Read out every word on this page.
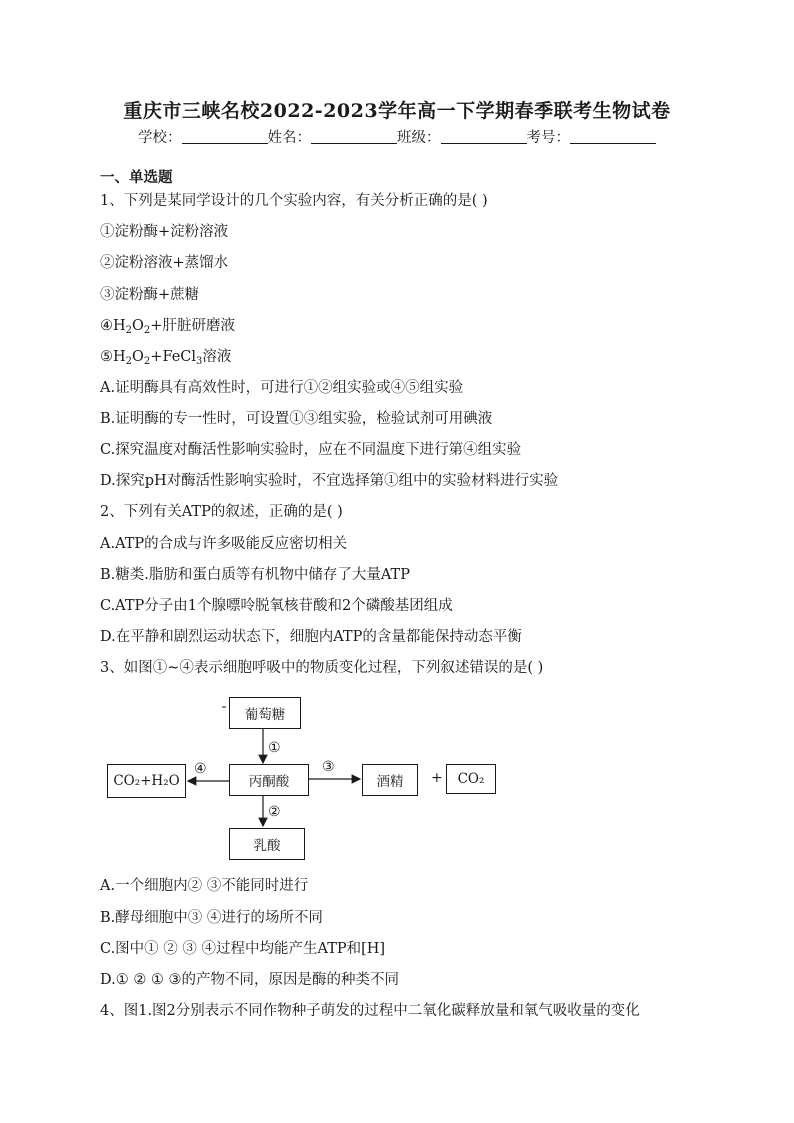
重庆市三峡名校2022-2023学年高一下学期春季联考生物试卷
学校：	姓名：	班级：	考号：
一、单选题
1、下列是某同学设计的几个实验内容，有关分析正确的是( )
①淀粉酶+淀粉溶液
②淀粉溶液+蒸馏水
③淀粉酶+蔗糖
$④H_2O_2+$肝脏研磨液
$⑤H_2O_2+FeCl_3$溶液
A.证明酶具有高效性时，可进行①②组实验或④⑤组实验
B.证明酶的专一性时，可设置①③组实验，检验试剂可用碘液
C.探究温度对酶活性影响实验时，应在不同温度下进行第④组实验
D.探究pH对酶活性影响实验时，不宜选择第①组中的实验材料进行实验
2、下列有关ATP的叙述，正确的是( )
A.ATP的合成与许多吸能反应密切相关
B.糖类.脂肪和蛋白质等有机物中储存了大量ATP
C.ATP分子由1个腺嘌呤脱氧核苷酸和2个磷酸基团组成
D.在平静和剧烈运动状态下，细胞内ATP的含量都能保持动态平衡
3、如图①~④表示细胞呼吸中的物质变化过程，下列叙述错误的是( )
葡萄糖
丙酮酸
乳酸
酒精	CO₂
CO₂+H₂O	+
①
②
③
④
A.一个细胞内② ③不能同时进行
B.酵母细胞中③ ④进行的场所不同
C.图中① ② ③ ④过程中均能产生ATP和[H]
D.① ② ① ③的产物不同，原因是酶的种类不同
4、图1.图2分别表示不同作物种子萌发的过程中二氧化碳释放量和氧气吸收量的变化
